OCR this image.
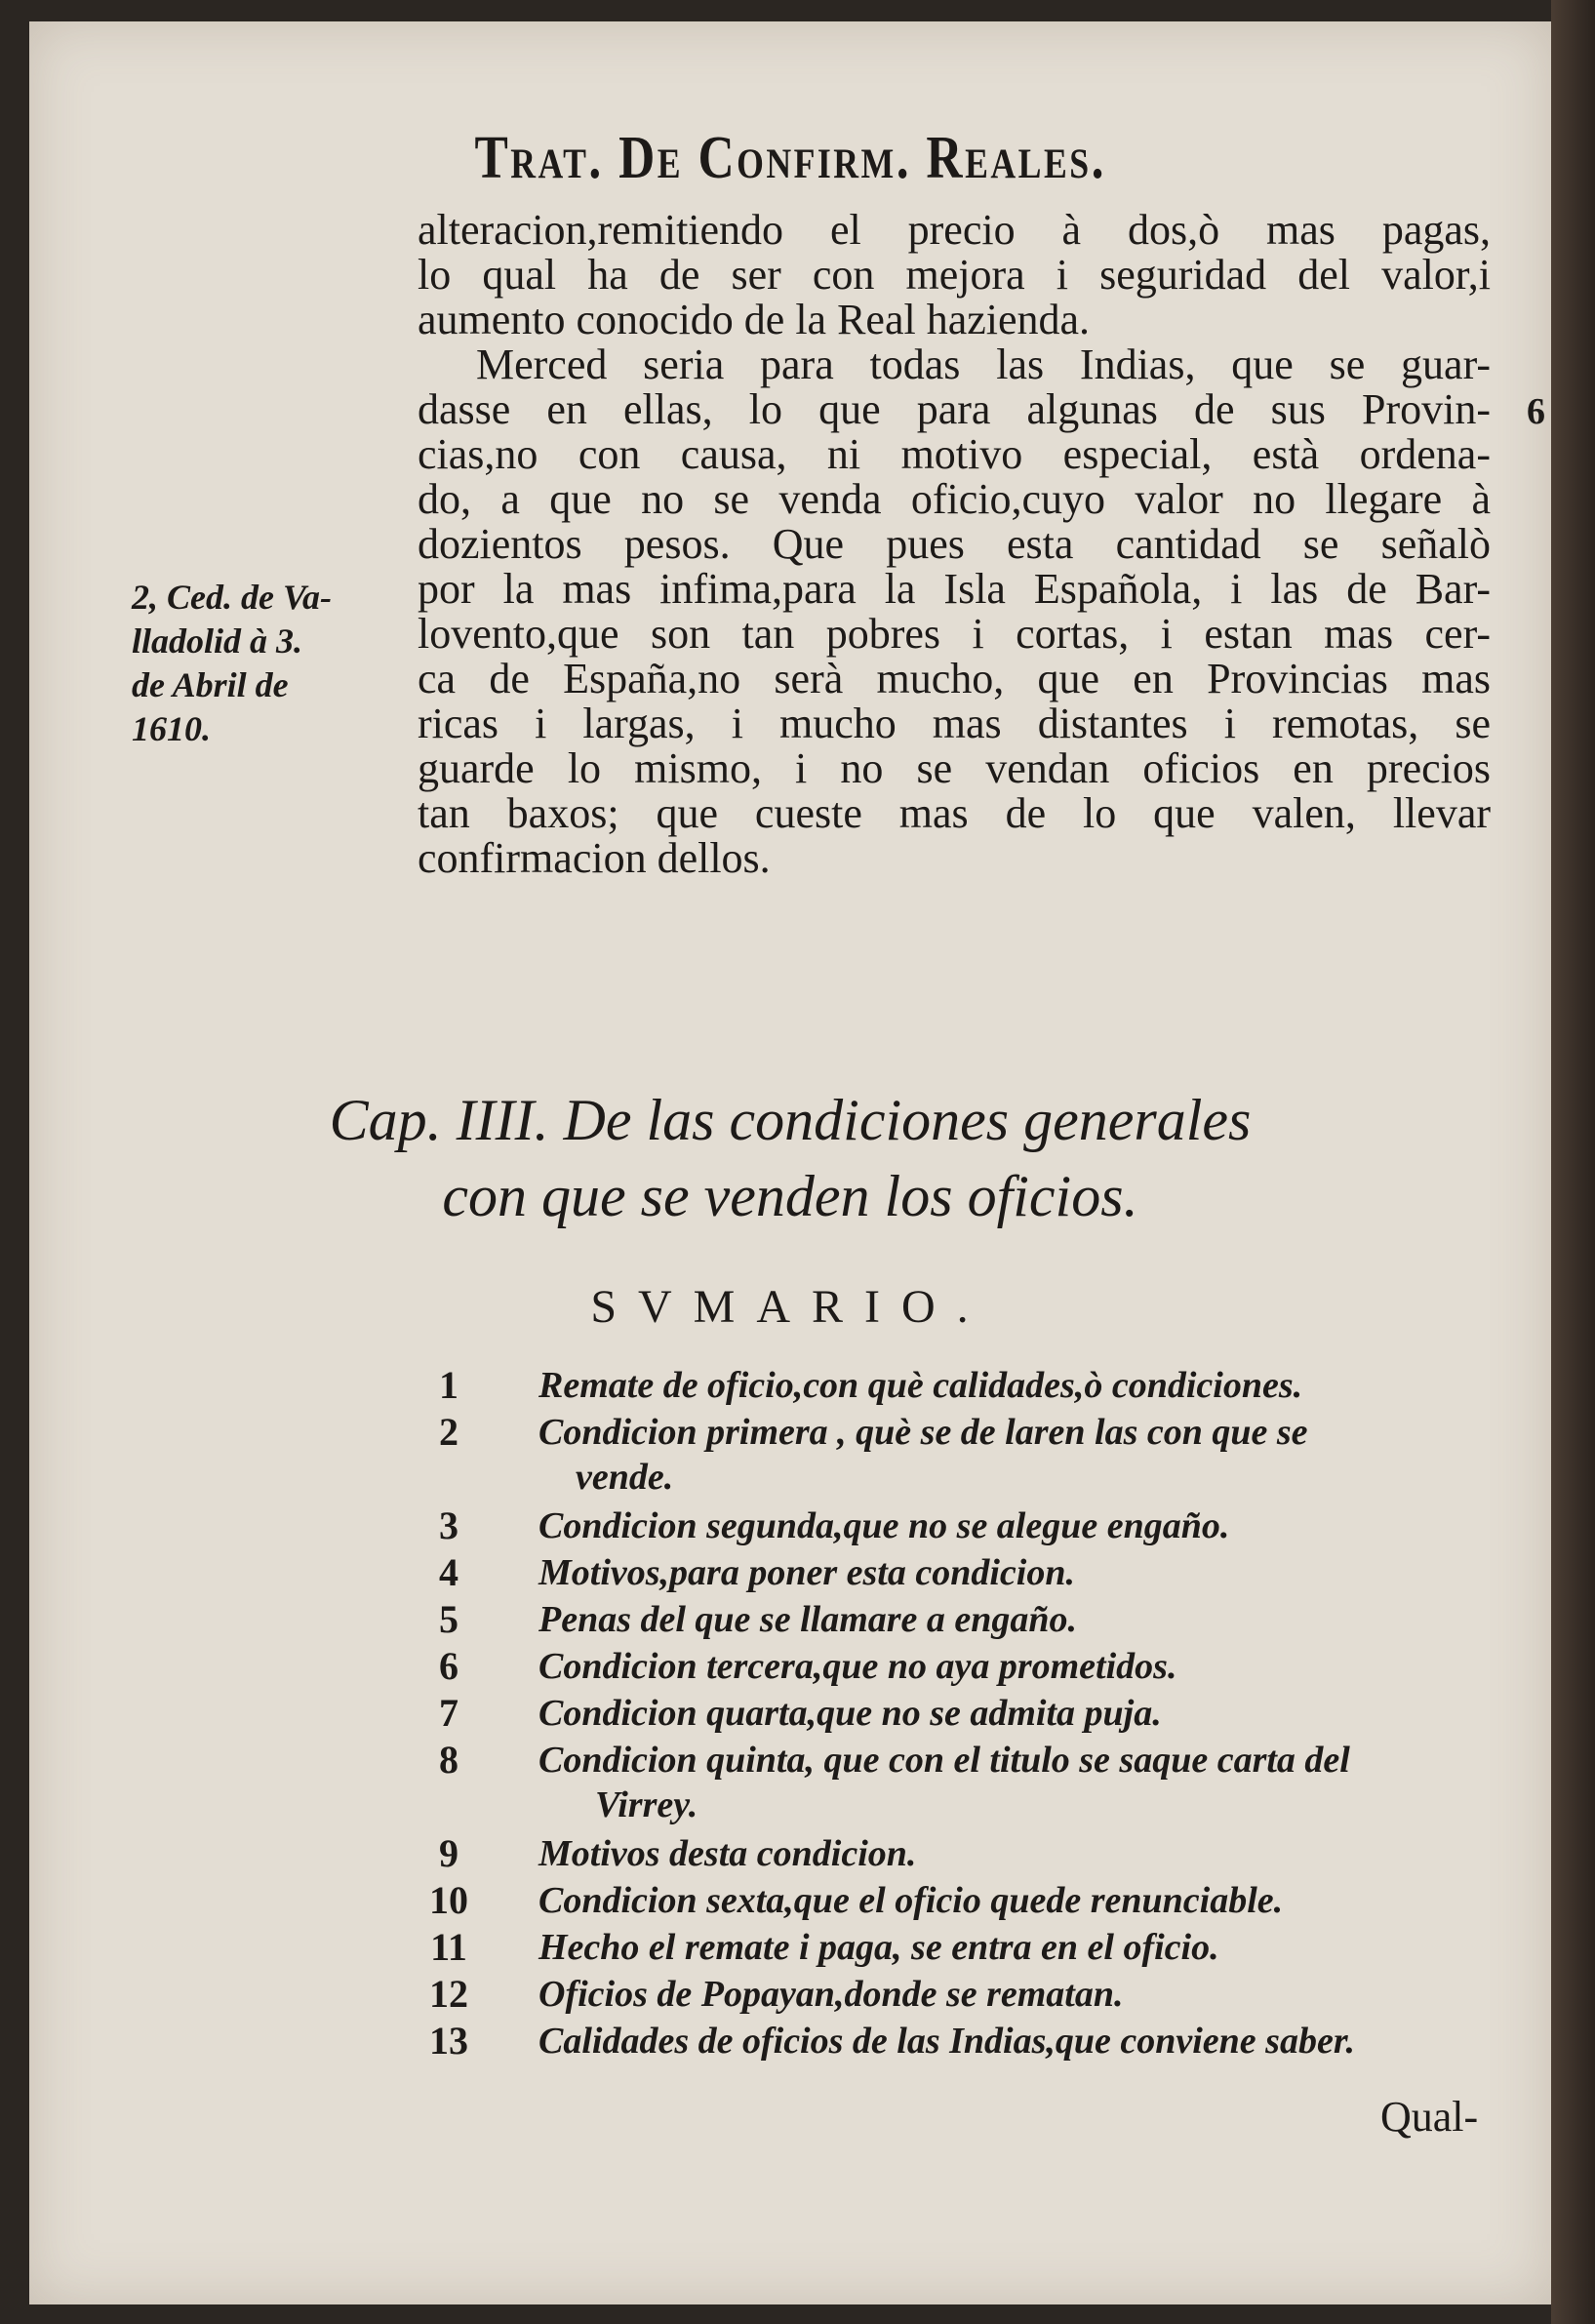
Trat. De Confirm. Reales.
6
2, Ced. de Va-
lladolid à 3.
de Abril de
1610.
alteracion,remitiendo el precio à dos,ò mas pagas,
lo qual ha de ser con mejora i seguridad del valor,i
aumento conocido de la Real hazienda.
Merced seria para todas las Indias, que se guar-
dasse en ellas, lo que para algunas de sus Provin-
cias,no con causa, ni motivo especial, està ordena-
do, a que no se venda oficio,cuyo valor no llegare à
dozientos pesos. Que pues esta cantidad se señalò
por la mas infima,para la Isla Española, i las de Bar-
lovento,que son tan pobres i cortas, i estan mas cer-
ca de España,no serà mucho, que en Provincias mas
ricas i largas, i mucho mas distantes i remotas, se
guarde lo mismo, i no se vendan oficios en precios
tan baxos; que cueste mas de lo que valen, llevar
confirmacion dellos.
Cap. IIII. De las condiciones generales
con que se venden los oficios.
SVMARIO.
1	Remate de oficio,con què calidades,ò condiciones.
2	Condicion primera , què se de laren las con que se
vende.
3	Condicion segunda,que no se alegue engaño.
4	Motivos,para poner esta condicion.
5	Penas del que se llamare a engaño.
6	Condicion tercera,que no aya prometidos.
7	Condicion quarta,que no se admita puja.
8	Condicion quinta, que con el titulo se saque carta del
Virrey.
9	Motivos desta condicion.
10 Condicion sexta,que el oficio quede renunciable.
11 Hecho el remate i paga, se entra en el oficio.
12 Oficios de Popayan,donde se rematan.
13 Calidades de oficios de las Indias,que conviene saber.
Qual-
